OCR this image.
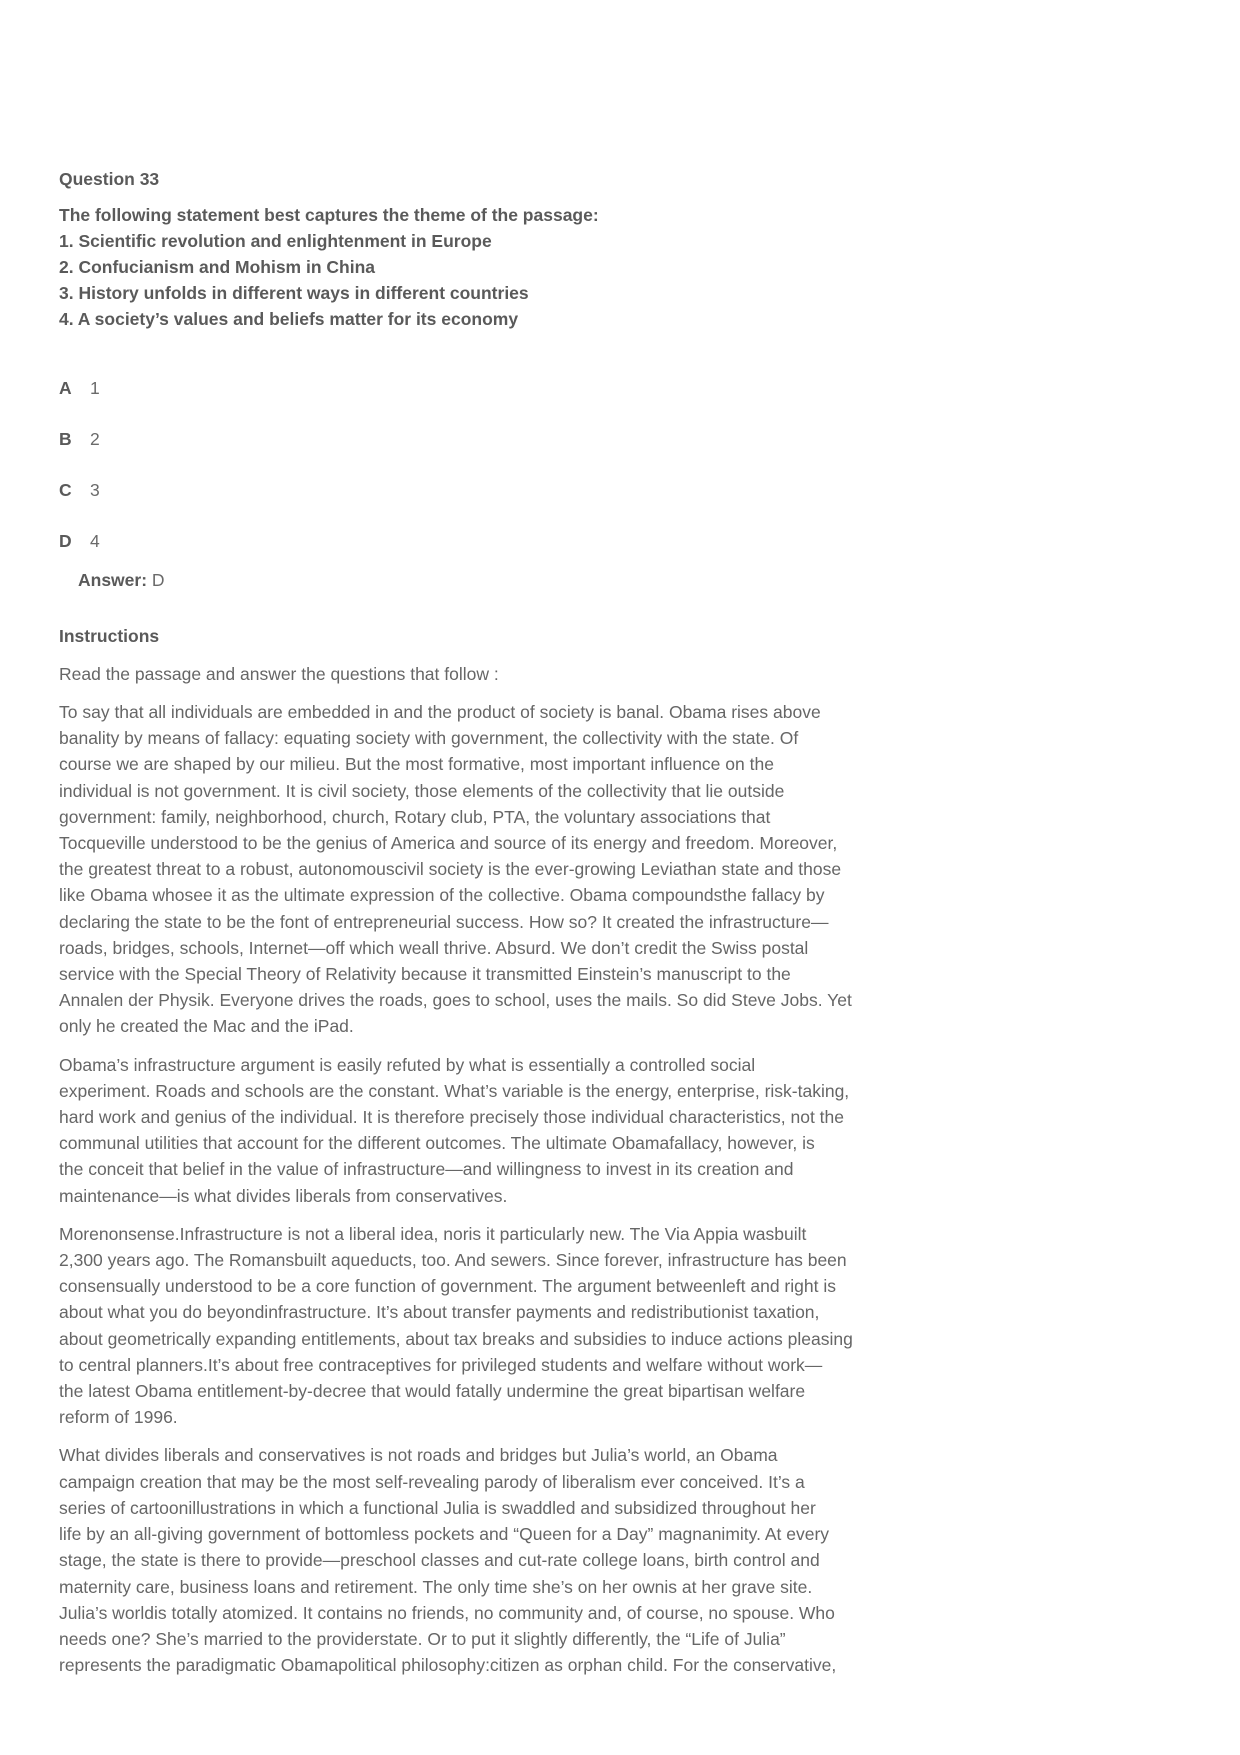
Question 33
The following statement best captures the theme of the passage:
1. Scientific revolution and enlightenment in Europe
2. Confucianism and Mohism in China
3. History unfolds in different ways in different countries
4. A society’s values and beliefs matter for its economy
A	1
B	2
C	3
D	4
Answer: D
Instructions
Read the passage and answer the questions that follow :
To say that all individuals are embedded in and the product of society is banal. Obama rises above
banality by means of fallacy: equating society with government, the collectivity with the state. Of
course we are shaped by our milieu. But the most formative, most important influence on the
individual is not government. It is civil society, those elements of the collectivity that lie outside
government: family, neighborhood, church, Rotary club, PTA, the voluntary associations that
Tocqueville understood to be the genius of America and source of its energy and freedom. Moreover,
the greatest threat to a robust, autonomouscivil society is the ever-growing Leviathan state and those
like Obama whosee it as the ultimate expression of the collective. Obama compoundsthe fallacy by
declaring the state to be the font of entrepreneurial success. How so? It created the infrastructure—
roads, bridges, schools, Internet—off which weall thrive. Absurd. We don’t credit the Swiss postal
service with the Special Theory of Relativity because it transmitted Einstein’s manuscript to the
Annalen der Physik. Everyone drives the roads, goes to school, uses the mails. So did Steve Jobs. Yet
only he created the Mac and the iPad.
Obama’s infrastructure argument is easily refuted by what is essentially a controlled social
experiment. Roads and schools are the constant. What’s variable is the energy, enterprise, risk-taking,
hard work and genius of the individual. It is therefore precisely those individual characteristics, not the
communal utilities that account for the different outcomes. The ultimate Obamafallacy, however, is
the conceit that belief in the value of infrastructure—and willingness to invest in its creation and
maintenance—is what divides liberals from conservatives.
Morenonsense.Infrastructure is not a liberal idea, noris it particularly new. The Via Appia wasbuilt
2,300 years ago. The Romansbuilt aqueducts, too. And sewers. Since forever, infrastructure has been
consensually understood to be a core function of government. The argument betweenleft and right is
about what you do beyondinfrastructure. It’s about transfer payments and redistributionist taxation,
about geometrically expanding entitlements, about tax breaks and subsidies to induce actions pleasing
to central planners.It’s about free contraceptives for privileged students and welfare without work—
the latest Obama entitlement-by-decree that would fatally undermine the great bipartisan welfare
reform of 1996.
What divides liberals and conservatives is not roads and bridges but Julia’s world, an Obama
campaign creation that may be the most self-revealing parody of liberalism ever conceived. It’s a
series of cartoonillustrations in which a functional Julia is swaddled and subsidized throughout her
life by an all-giving government of bottomless pockets and “Queen for a Day” magnanimity. At every
stage, the state is there to provide—preschool classes and cut-rate college loans, birth control and
maternity care, business loans and retirement. The only time she’s on her ownis at her grave site.
Julia’s worldis totally atomized. It contains no friends, no community and, of course, no spouse. Who
needs one? She’s married to the providerstate. Or to put it slightly differently, the “Life of Julia”
represents the paradigmatic Obamapolitical philosophy:citizen as orphan child. For the conservative,
